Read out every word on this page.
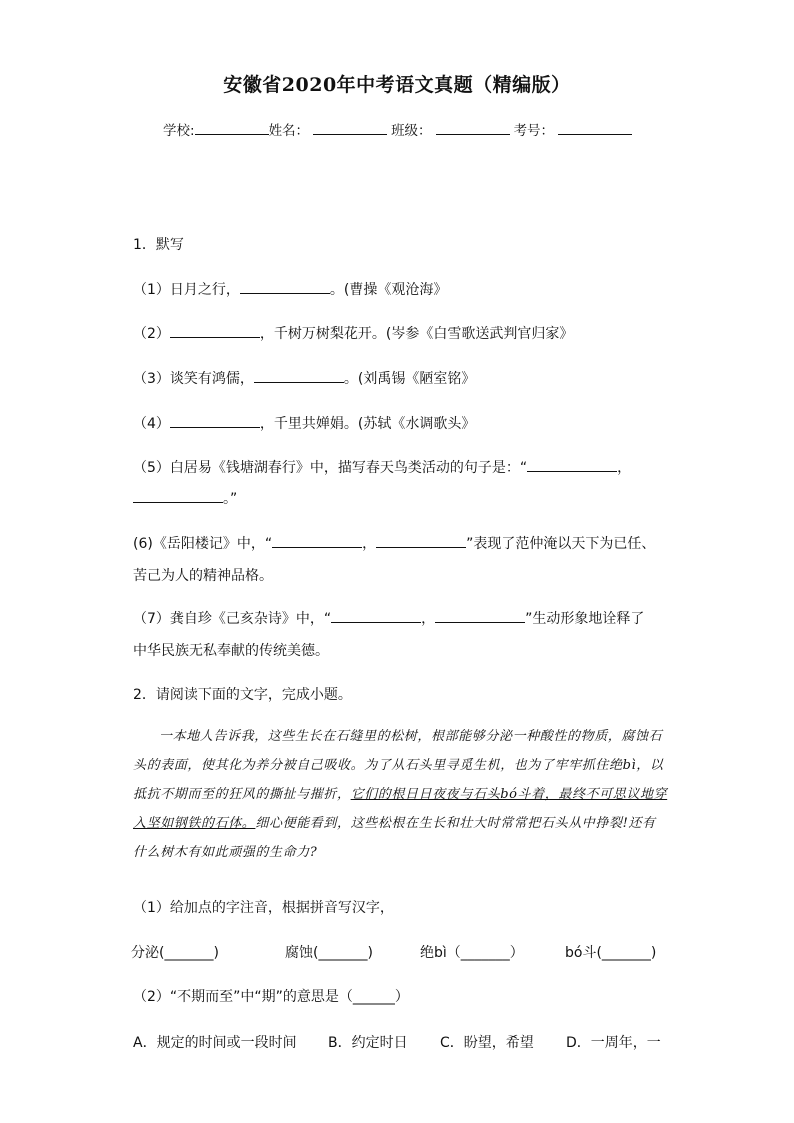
安徽省2020年中考语文真题（精编版）
学校:	姓名：	班级：	考号：
1．默写
（1）日月之行，	。(曹操《观沧海》
（2）	，千树万树梨花开。(岑参《白雪歌送武判官归家》
（3）谈笑有鸿儒，	。(刘禹锡《陋室铭》
（4）	，千里共婵娟。(苏轼《水调歌头》
（5）白居易《钱塘湖春行》中，描写春天鸟类活动的句子是：“	，
。”
(6)《岳阳楼记》中，“	，	”表现了范仲淹以天下为已任、
苦己为人的精神品格。
（7）龚自珍《己亥杂诗》中，“	，	”生动形象地诠释了
中华民族无私奉献的传统美德。
2．请阅读下面的文字，完成小题。
一本地人告诉我，这些生长在石缝里的松树，根部能够分泌一种酸性的物质，腐蚀石头的表面，使其化为养分被自己吸收。为了从石头里寻觅生机，也为了牢牢抓住绝bì，以抵抗不期而至的狂风的撕扯与摧折，它们的根日日夜夜与石头bó斗着，最终不可思议地穿入坚如钢铁的石体。细心便能看到，这些松根在生长和壮大时常常把石头从中挣裂!还有什么树木有如此顽强的生命力?
（1）给加点的字注音，根据拼音写汉字，
分泌(_______)	腐蚀(_______)	绝bì（_______）	bó斗(_______)
（2）“不期而至”中“期”的意思是（______）
A．规定的时间或一段时间 B．约定时日 C．盼望，希望 D．一周年，一
